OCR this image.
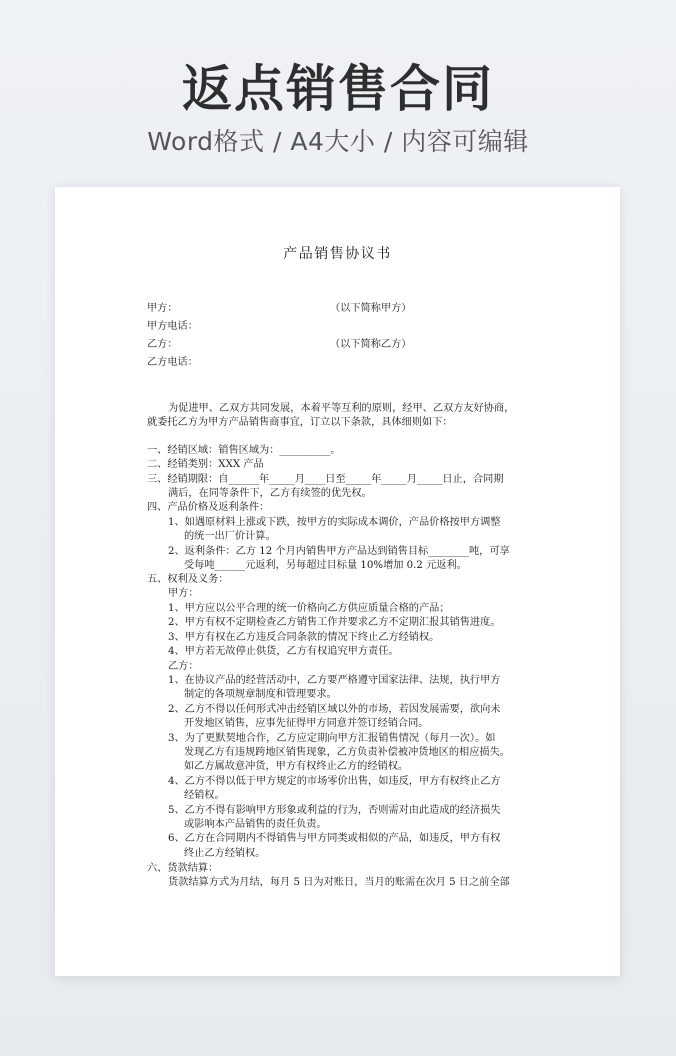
返点销售合同
Word格式 / A4大小 / 内容可编辑
产品销售协议书
甲方：	（以下简称甲方）
甲方电话：
乙方：	（以下简称乙方）
乙方电话：
为促进甲、乙双方共同发展，本着平等互利的原则，经甲、乙双方友好协商，
就委托乙方为甲方产品销售商事宜，订立以下条款，具体细则如下：
一、经销区域：销售区域为：__________。
二、经销类别：XXX 产品
三、经销期限：自______年_____月____日至_____年_____月_____日止，合同期
满后，在同等条件下，乙方有续签的优先权。
四、产品价格及返利条件：
1、如遇原材料上涨或下跌，按甲方的实际成本调价，产品价格按甲方调整
的统一出厂价计算。
2、返利条件：乙方 12 个月内销售甲方产品达到销售目标________吨，可享
受每吨______元返利，另每超过目标量 10%增加 0.2 元返利。
五、权利及义务：
甲方：
1、甲方应以公平合理的统一价格向乙方供应质量合格的产品；
2、甲方有权不定期检查乙方销售工作并要求乙方不定期汇报其销售进度。
3、甲方有权在乙方违反合同条款的情况下终止乙方经销权。
4、甲方若无故停止供货，乙方有权追究甲方责任。
乙方：
1、在协议产品的经营活动中，乙方要严格遵守国家法律、法规，执行甲方
制定的各项规章制度和管理要求。
2、乙方不得以任何形式冲击经销区域以外的市场，若因发展需要，欲向未
开发地区销售，应事先征得甲方同意并签订经销合同。
3、为了更默契地合作，乙方应定期向甲方汇报销售情况（每月一次）。如
发现乙方有违规跨地区销售现象，乙方负责补偿被冲货地区的相应损失。
如乙方属故意冲货，甲方有权终止乙方的经销权。
4、乙方不得以低于甲方规定的市场零价出售，如违反，甲方有权终止乙方
经销权。
5、乙方不得有影响甲方形象或利益的行为，否则需对由此造成的经济损失
或影响本产品销售的责任负责。
6、乙方在合同期内不得销售与甲方同类或相似的产品，如违反，甲方有权
终止乙方经销权。
六、货款结算：
货款结算方式为月结，每月 5 日为对账日，当月的账需在次月 5 日之前全部
